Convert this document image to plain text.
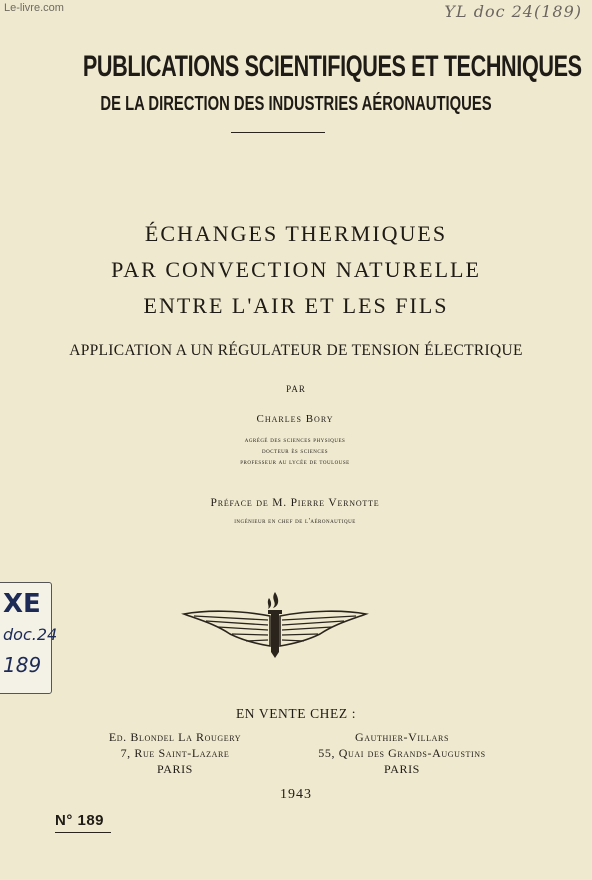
Le-livre.com	YL doc 24(189)
PUBLICATIONS SCIENTIFIQUES ET TECHNIQUES
DE LA DIRECTION DES INDUSTRIES AÉRONAUTIQUES
ÉCHANGES THERMIQUES
PAR CONVECTION NATURELLE
ENTRE L'AIR ET LES FILS
APPLICATION A UN RÉGULATEUR DE TENSION ÉLECTRIQUE
PAR
Charles Bory
agrégé des sciences physiques
docteur ès sciences
professeur au lycée de toulouse
Préface de M. Pierre Vernotte
ingénieur en chef de l'aéronautique
XE
doc.24
189
EN VENTE CHEZ :
Ed. Blondel La Rougery
7, Rue Saint-Lazare
PARIS
Gauthier-Villars
55, Quai des Grands-Augustins
PARIS
1943
N° 189
